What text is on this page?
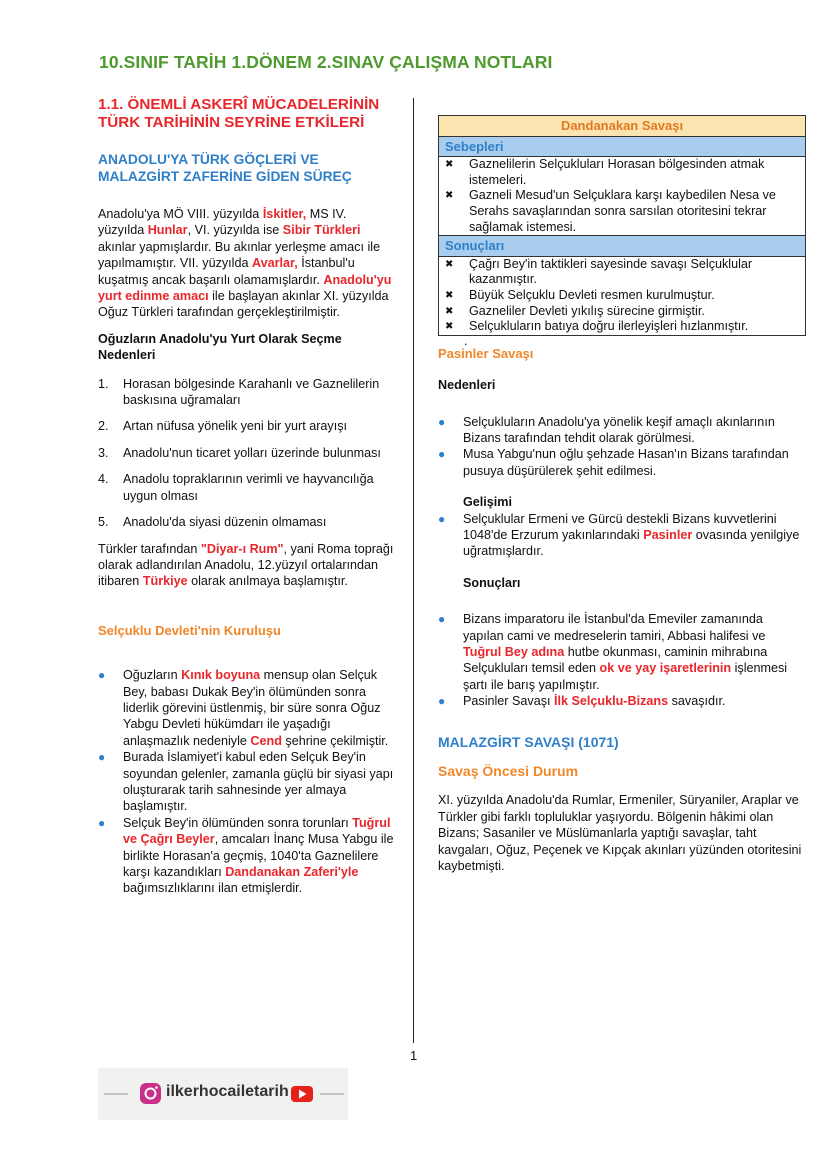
10.SINIF TARİH 1.DÖNEM 2.SINAV ÇALIŞMA NOTLARI
1.1. ÖNEMLİ ASKERÎ MÜCADELERİNİN TÜRK TARİHİNİN SEYRİNE ETKİLERİ
ANADOLU'YA TÜRK GÖÇLERİ VE MALAZGİRT ZAFERİNE GİDEN SÜREÇ

Anadolu'ya MÖ VIII. yüzyılda İskitler, MS IV. yüzyılda Hunlar, VI. yüzyılda ise Sibir Türkleri akınlar yapmışlardır. Bu akınlar yerleşme amacı ile yapılmamıştır. VII. yüzyılda Avarlar, İstanbul'u kuşatmış ancak başarılı olamamışlardır. Anadolu'yu yurt edinme amacı ile başlayan akınlar XI. yüzyılda Oğuz Türkleri tarafından gerçekleştirilmiştir.

Oğuzların Anadolu'yu Yurt Olarak Seçme Nedenleri

1.	Horasan bölgesinde Karahanlı ve Gaznelilerin baskısına uğramaları
2.	Artan nüfusa yönelik yeni bir yurt arayışı
3.	Anadolu'nun ticaret yolları üzerinde bulunması
4.	Anadolu topraklarının verimli ve hayvancılığa uygun olması
5.	Anadolu'da siyasi düzenin olmaması

Türkler tarafından "Diyar-ı Rum", yani Roma toprağı olarak adlandırılan Anadolu, 12.yüzyıl ortalarından itibaren Türkiye olarak anılmaya başlamıştır.

Selçuklu Devleti'nin Kuruluşu

●	Oğuzların Kınık boyuna mensup olan Selçuk Bey, babası Dukak Bey'in ölümünden sonra liderlik görevini üstlenmiş, bir süre sonra Oğuz Yabgu Devleti hükümdarı ile yaşadığı anlaşmazlık nedeniyle Cend şehrine çekilmiştir.
●	Burada İslamiyet'i kabul eden Selçuk Bey'in soyundan gelenler, zamanla güçlü bir siyasi yapı oluşturarak tarih sahnesinde yer almaya başlamıştır.
●	Selçuk Bey'in ölümünden sonra torunları Tuğrul ve Çağrı Beyler, amcaları İnanç Musa Yabgu ile birlikte Horasan'a geçmiş, 1040'ta Gaznelilere karşı kazandıkları Dandanakan Zaferi'yle bağımsızlıklarını ilan etmişlerdir.
Dandanakan Savaşı
Sebepleri

✖	Gaznelilerin Selçukluları Horasan bölgesinden atmak istemeleri.
✖	Gazneli Mesud'un Selçuklara karşı kaybedilen Nesa ve Serahs savaşlarından sonra sarsılan otoritesini tekrar sağlamak istemesi.

Sonuçları

✖	Çağrı Bey'in taktikleri sayesinde savaşı Selçuklular kazanmıştır.
✖	Büyük Selçuklu Devleti resmen kurulmuştur.
✖	Gazneliler Devleti yıkılış sürecine girmiştir.
✖	Selçukluların batıya doğru ilerleyişleri hızlanmıştır.
.

Pasinler Savaşı

Nedenleri

●	Selçukluların Anadolu'ya yönelik keşif amaçlı akınlarının Bizans tarafından tehdit olarak görülmesi.
●	Musa Yabgu'nun oğlu şehzade Hasan'ın Bizans tarafından pusuya düşürülerek şehit edilmesi.

Gelişimi

●	Selçuklular Ermeni ve Gürcü destekli Bizans kuvvetlerini 1048'de Erzurum yakınlarındaki Pasinler ovasında yenilgiye uğratmışlardır.

Sonuçları

●	Bizans imparatoru ile İstanbul'da Emeviler zamanında yapılan cami ve medreselerin tamiri, Abbasi halifesi ve Tuğrul Bey adına hutbe okunması, caminin mihrabına Selçukluları temsil eden ok ve yay işaretlerinin işlenmesi şartı ile barış yapılmıştır.
●	Pasinler Savaşı İlk Selçuklu-Bizans savaşıdır.

MALAZGİRT SAVAŞI (1071)

Savaş Öncesi Durum

XI. yüzyılda Anadolu'da Rumlar, Ermeniler, Süryaniler, Araplar ve Türkler gibi farklı topluluklar yaşıyordu. Bölgenin hâkimi olan Bizans; Sasaniler ve Müslümanlarla yaptığı savaşlar, taht kavgaları, Oğuz, Peçenek ve Kıpçak akınları yüzünden otoritesini kaybetmişti.

1
ilkerhocailetarih
